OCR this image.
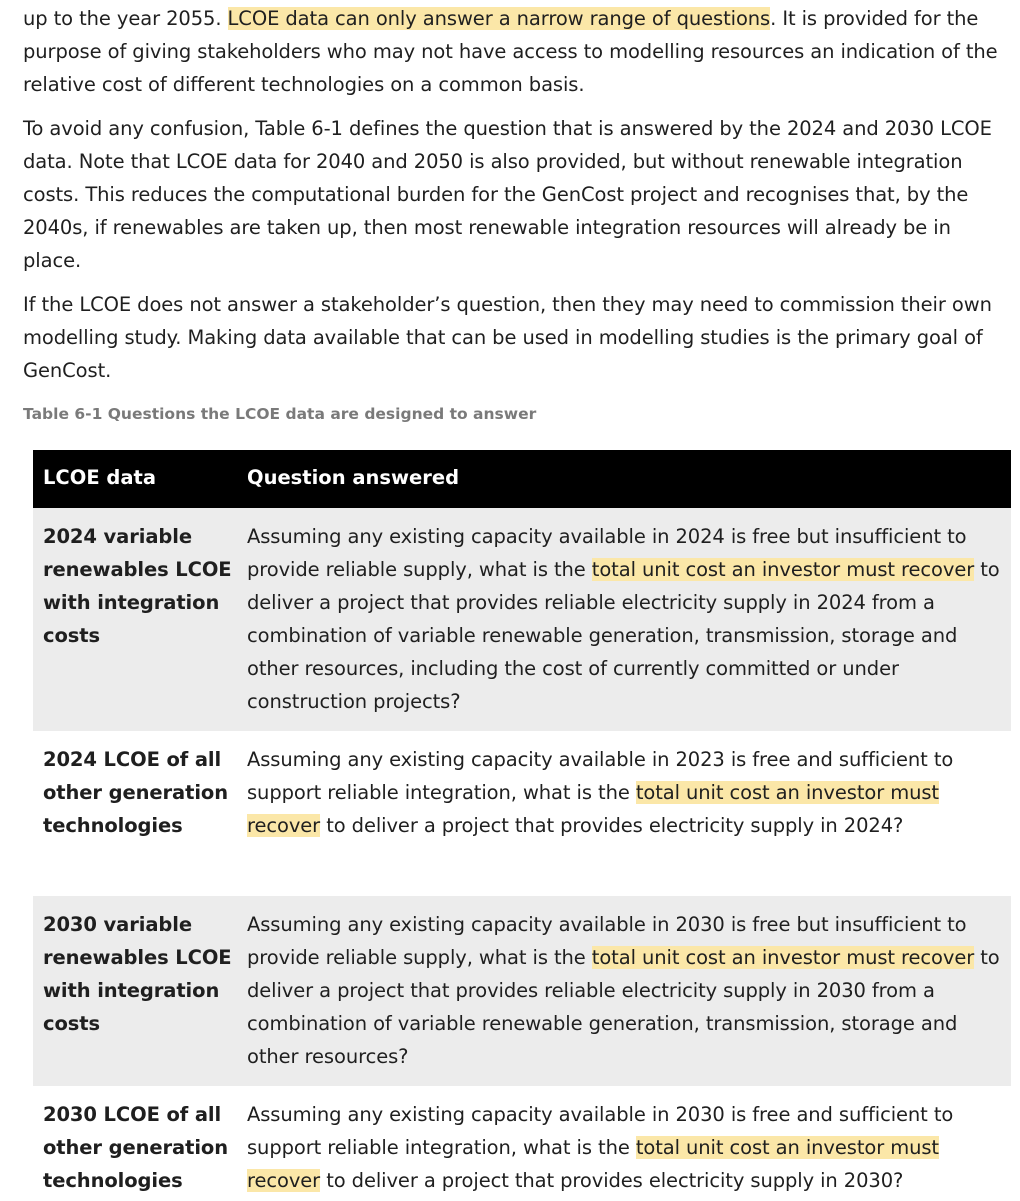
up to the year 2055. LCOE data can only answer a narrow range of questions. It is provided for the purpose of giving stakeholders who may not have access to modelling resources an indication of the relative cost of different technologies on a common basis.

To avoid any confusion, Table 6-1 defines the question that is answered by the 2024 and 2030 LCOE data. Note that LCOE data for 2040 and 2050 is also provided, but without renewable integration costs. This reduces the computational burden for the GenCost project and recognises that, by the 2040s, if renewables are taken up, then most renewable integration resources will already be in place.

If the LCOE does not answer a stakeholder’s question, then they may need to commission their own modelling study. Making data available that can be used in modelling studies is the primary goal of GenCost.

Table 6-1 Questions the LCOE data are designed to answer

LCOE data	Question answered
2024 variable renewables LCOE with integration costs
Assuming any existing capacity available in 2024 is free but insufficient to provide reliable supply, what is the total unit cost an investor must recover to deliver a project that provides reliable electricity supply in 2024 from a combination of variable renewable generation, transmission, storage and other resources, including the cost of currently committed or under construction projects?
2024 LCOE of all other generation technologies
Assuming any existing capacity available in 2023 is free and sufficient to support reliable integration, what is the total unit cost an investor must recover to deliver a project that provides electricity supply in 2024?
2030 variable renewables LCOE with integration costs
Assuming any existing capacity available in 2030 is free but insufficient to provide reliable supply, what is the total unit cost an investor must recover to deliver a project that provides reliable electricity supply in 2030 from a combination of variable renewable generation, transmission, storage and other resources?
2030 LCOE of all other generation technologies
Assuming any existing capacity available in 2030 is free and sufficient to support reliable integration, what is the total unit cost an investor must recover to deliver a project that provides electricity supply in 2030?
